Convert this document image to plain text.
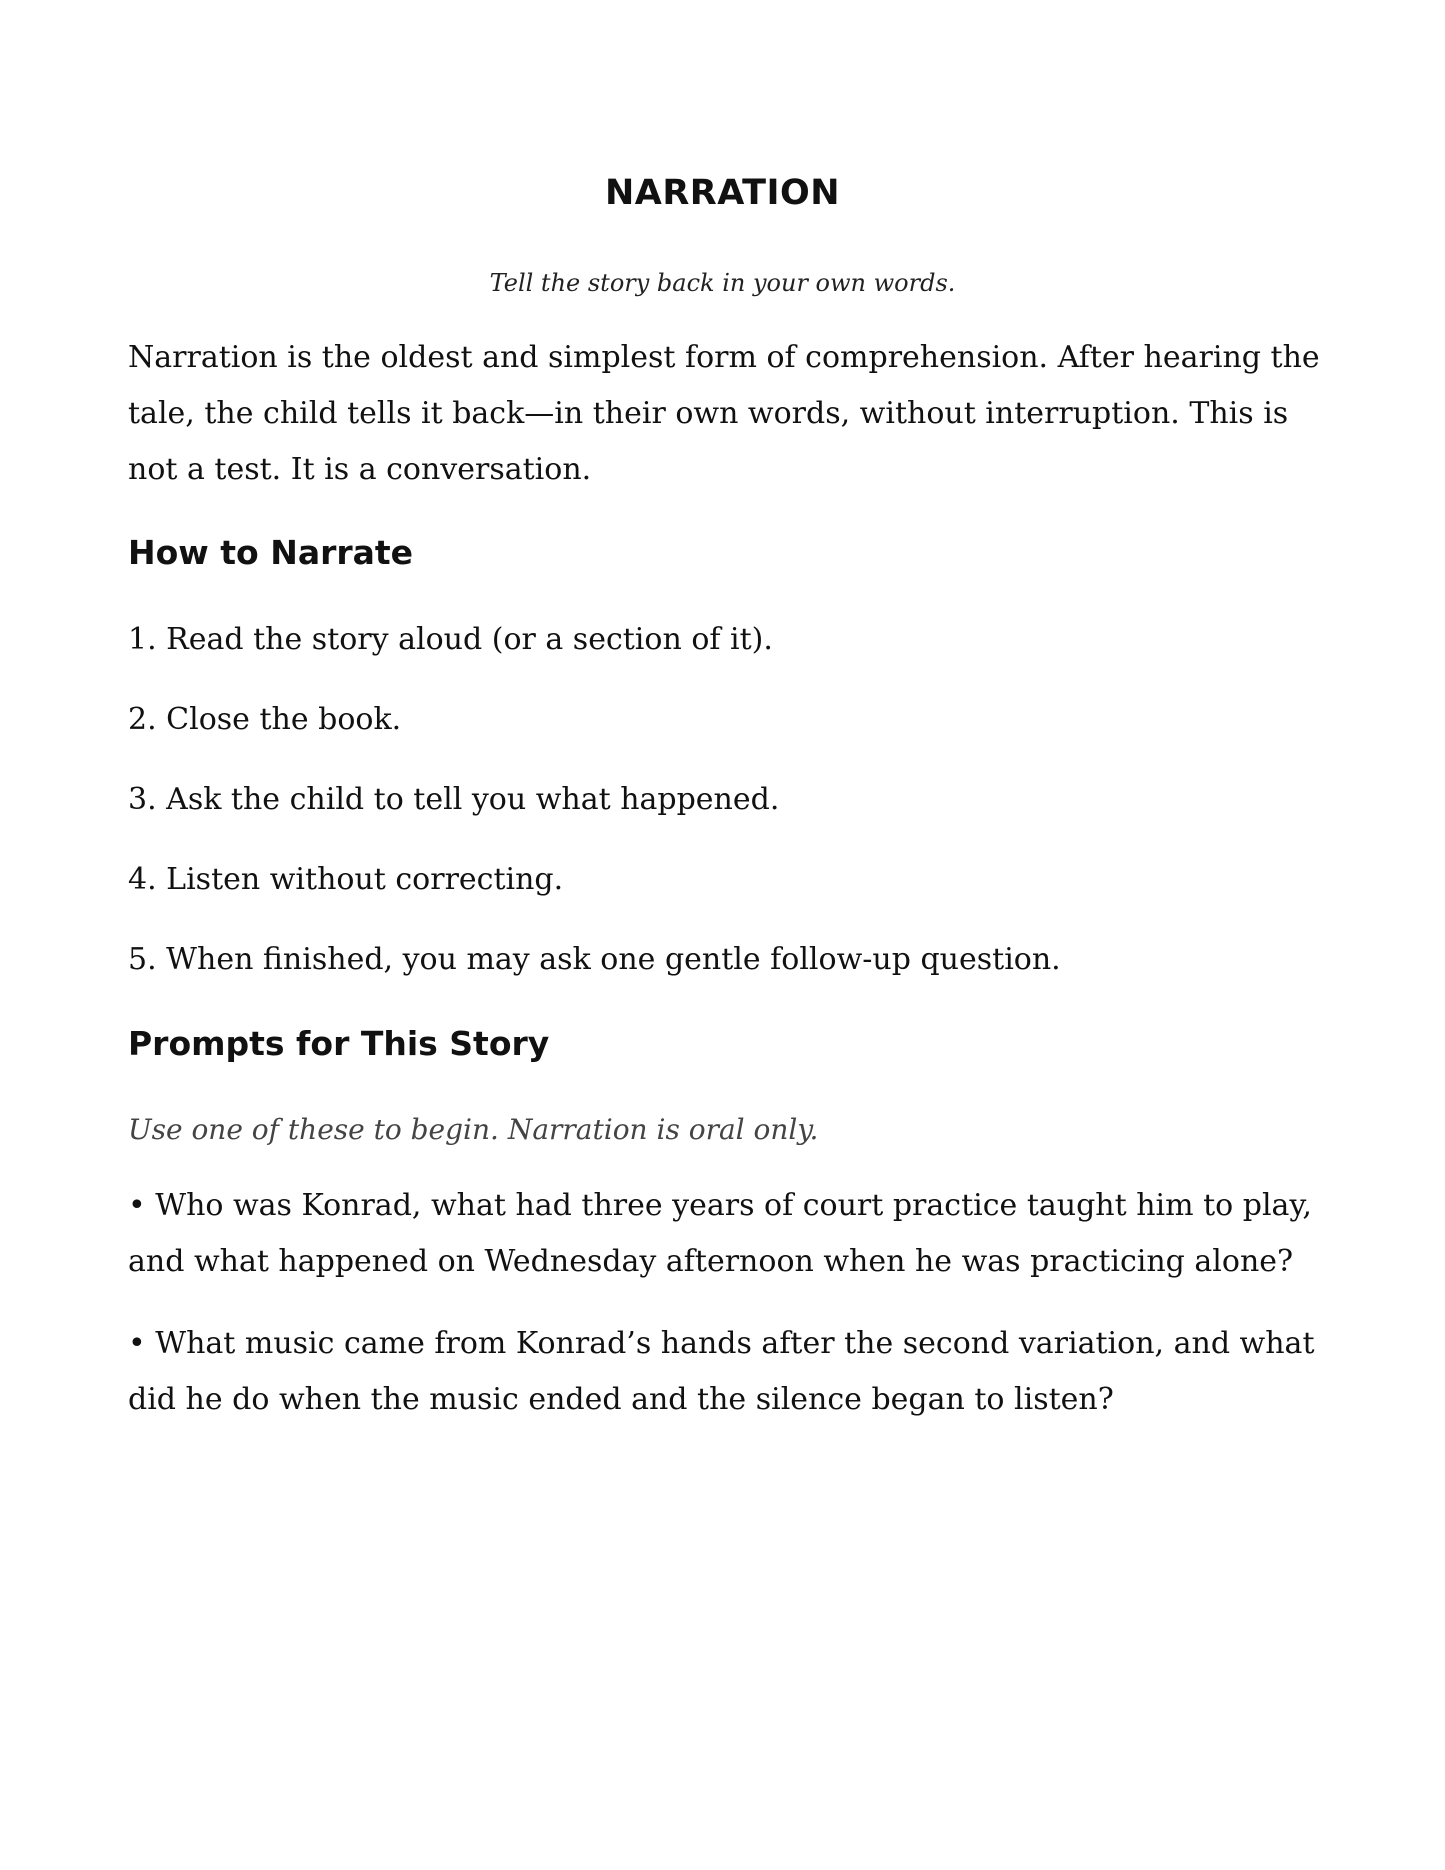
NARRATION

Tell the story back in your own words.

Narration is the oldest and simplest form of comprehension. After hearing the tale, the child tells it back—in their own words, without interruption. This is not a test. It is a conversation.

How to Narrate

1. Read the story aloud (or a section of it).

2. Close the book.

3. Ask the child to tell you what happened.

4. Listen without correcting.

5. When finished, you may ask one gentle follow-up question.

Prompts for This Story

Use one of these to begin. Narration is oral only.

• Who was Konrad, what had three years of court practice taught him to play, and what happened on Wednesday afternoon when he was practicing alone?

• What music came from Konrad’s hands after the second variation, and what did he do when the music ended and the silence began to listen?
